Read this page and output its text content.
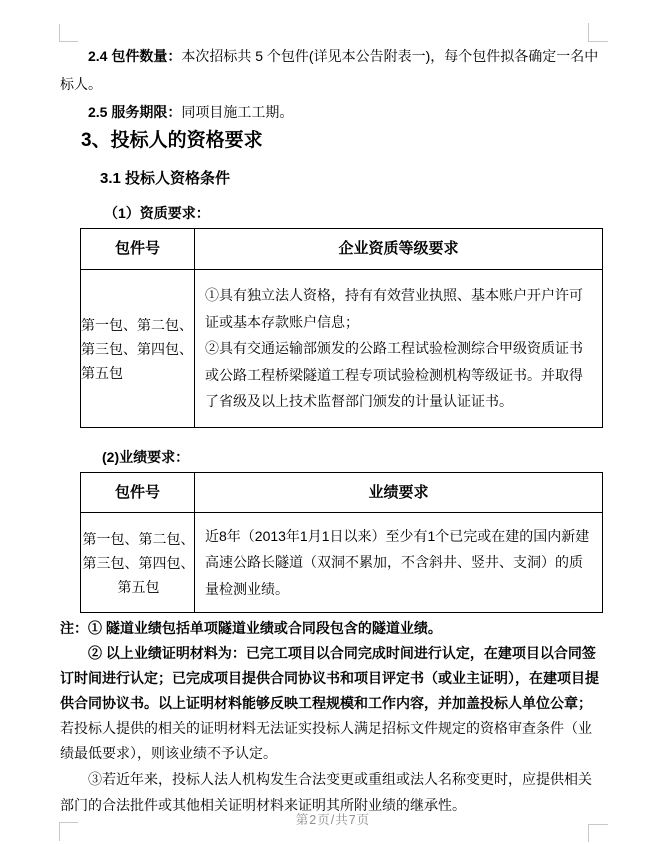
2.4 包件数量：本次招标共 5 个包件(详见本公告附表一)，每个包件拟各确定一名中标人。

2.5 服务期限：同项目施工工期。

3、投标人的资格要求

3.1 投标人资格条件

（1）资质要求：

包件号	企业资质等级要求

第一包、第二包、第三包、第四包、第五包	①具有独立法人资格，持有有效营业执照、基本账户开户许可证或基本存款账户信息；
②具有交通运输部颁发的公路工程试验检测综合甲级资质证书或公路工程桥梁隧道工程专项试验检测机构等级证书。并取得了省级及以上技术监督部门颁发的计量认证证书。

(2)业绩要求：

包件号	业绩要求

第一包、第二包、第三包、第四包、第五包	近8年（2013年1月1日以来）至少有1个已完或在建的国内新建高速公路长隧道（双洞不累加，不含斜井、竖井、支洞）的质量检测业绩。

注：① 隧道业绩包括单项隧道业绩或合同段包含的隧道业绩。

② 以上业绩证明材料为：已完工项目以合同完成时间进行认定，在建项目以合同签订时间进行认定；已完成项目提供合同协议书和项目评定书（或业主证明），在建项目提供合同协议书。以上证明材料能够反映工程规模和工作内容，并加盖投标人单位公章；若投标人提供的相关的证明材料无法证实投标人满足招标文件规定的资格审查条件（业绩最低要求），则该业绩不予认定。

③若近年来，投标人法人机构发生合法变更或重组或法人名称变更时，应提供相关部门的合法批件或其他相关证明材料来证明其所附业绩的继承性。

第2页/共7页
